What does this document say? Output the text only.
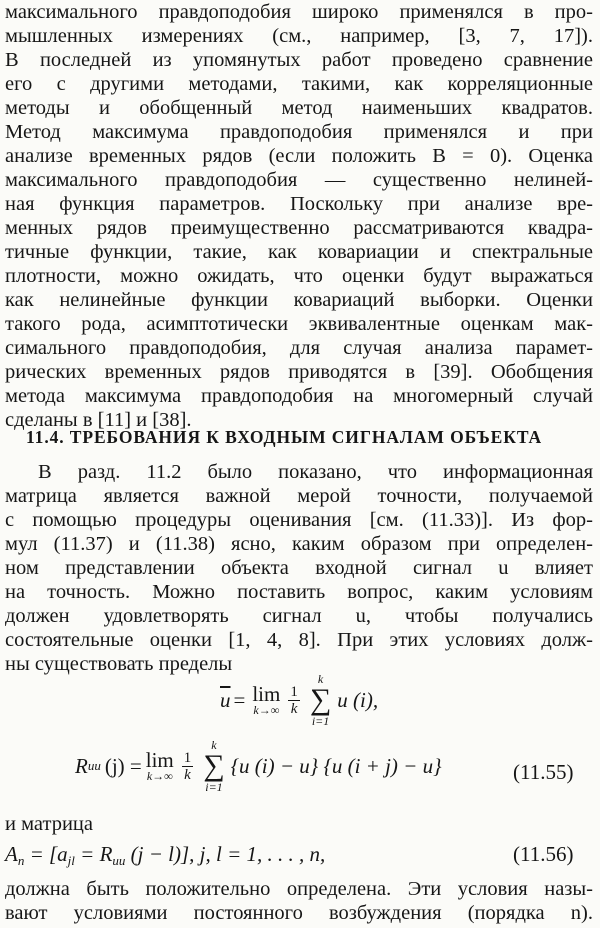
максимального правдоподобия широко применялся в про-
мышленных измерениях (см., например, [3, 7, 17]).
В последней из упомянутых работ проведено сравнение
его с другими методами, такими, как корреляционные
методы и обобщенный метод наименьших квадратов.
Метод максимума правдоподобия применялся и при
анализе временных рядов (если положить B = 0). Оценка
максимального правдоподобия — существенно нелиней-
ная функция параметров. Поскольку при анализе вре-
менных рядов преимущественно рассматриваются квадра-
тичные функции, такие, как ковариации и спектральные
плотности, можно ожидать, что оценки будут выражаться
как нелинейные функции ковариаций выборки. Оценки
такого рода, асимптотически эквивалентные оценкам мак-
симального правдоподобия, для случая анализа парамет-
рических временных рядов приводятся в [39]. Обобщения
метода максимума правдоподобия на многомерный случай
сделаны в [11] и [38].
11.4. ТРЕБОВАНИЯ К ВХОДНЫМ СИГНАЛАМ ОБЪЕКТА
В разд. 11.2 было показано, что информационная
матрица является важной мерой точности, получаемой
с помощью процедуры оценивания [см. (11.33)]. Из фор-
мул (11.37) и (11.38) ясно, каким образом при определен-
ном представлении объекта входной сигнал u влияет
на точность. Можно поставить вопрос, каким условиям
должен удовлетворять сигнал u, чтобы получались
состоятельные оценки [1, 4, 8]. При этих условиях долж-
ны существовать пределы
$\overline{u} = \lim$
$k\to\infty \frac{1}{k}$
k
∑
i=1
u (i),
R uu (j) = lim
$k\to\infty \frac{1}{k}$
k
∑
i=1
{u (i) − u} {u (i + j) − u}	(11.55)
и матрица
An = [ajl = Ruu (j − l)], j, l = 1, . . . , n,	(11.56)
должна быть положительно определена. Эти условия назы-
вают условиями постоянного возбуждения (порядка n).
